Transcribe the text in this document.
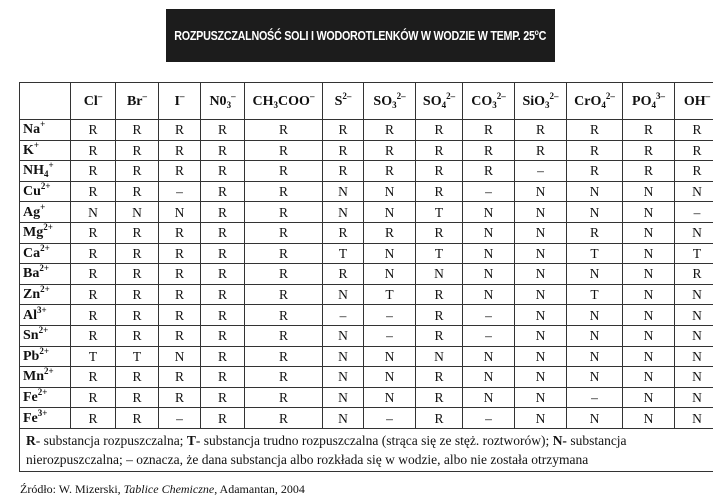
ROZPUSZCZALNOŚĆ SOLI I WODOROTLENKÓW W WODZIE W TEMP. 25$^o$C
	Cl–	Br–	I–	$N0_3^-$	$CH_3COO^-$	$S^{2-}$	$SO_3^{2-}$	$SO_4^{2-}$	$CO_3^{2-}$	SiO$_3^{2-}$	CrO$_4^{2-}$	$PO_4^{3-}$	OH–
Na+	R	R	R	R	R	R	R	R	R	R	R	R	R
K+	R	R	R	R	R	R	R	R	R	R	R	R	R
$NH_4^+$	R	R	R	R	R	R	R	R	R	–	R	R	R
$Cu^{2+}$	R	R	–	R	R	N	N	R	–	N	N	N	N
Ag+	N	N	N	R	R	N	N	T	N	N	N	N	–
$Mg^{2+}$	R	R	R	R	R	R	R	R	N	N	R	N	N
$Ca^{2+}$	R	R	R	R	R	T	N	T	N	N	T	N	T
$Ba^{2+}$	R	R	R	R	R	R	N	N	N	N	N	N	R
$Zn^{2+}$	R	R	R	R	R	N	T	R	N	N	T	N	N
$Al^{3+}$	R	R	R	R	R	–	–	R	–	N	N	N	N
$Sn^{2+}$	R	R	R	R	R	N	–	R	–	N	N	N	N
$Pb^{2+}$	T	T	N	R	R	N	N	N	N	N	N	N	N
$Mn^{2+}$	R	R	R	R	R	N	N	R	N	N	N	N	N
$Fe^{2+}$	R	R	R	R	R	N	N	R	N	N	–	N	N
$Fe^{3+}$	R	R	–	R	R	N	–	R	–	N	N	N	N
R- substancja rozpuszczalna; T- substancja trudno rozpuszczalna (strąca się ze stęż. roztworów); N- substancja nierozpuszczalna; – oznacza, że dana substancja albo rozkłada się w wodzie, albo nie została otrzymana													
Źródło: W. Mizerski, Tablice Chemiczne, Adamantan, 2004
